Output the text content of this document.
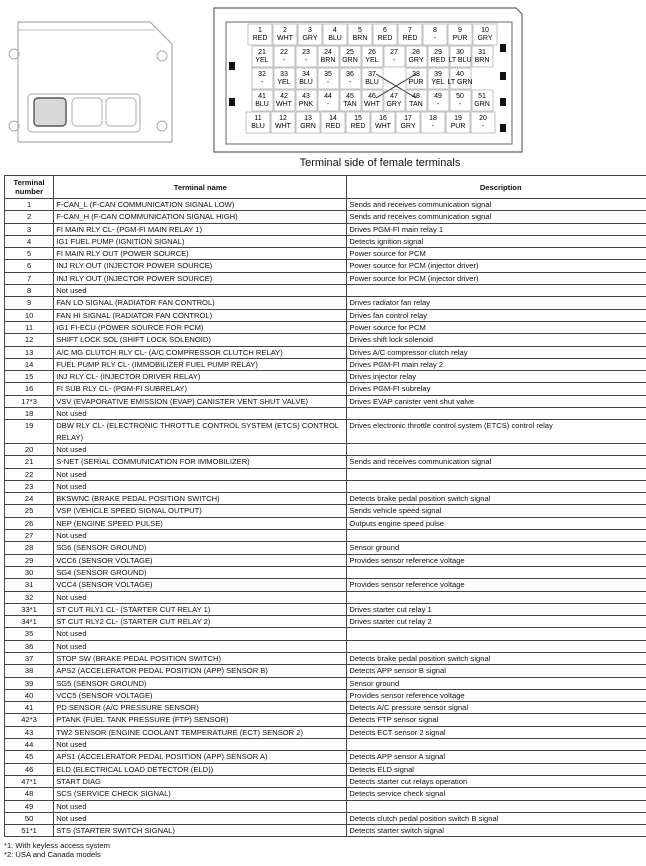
1
RED
2
WHT
3
GRY
4
BLU
5
BRN
6
RED
7
RED
8
-
9
PUR
10
GRY
21
YEL
22
-
23
-
24
BRN
25
GRN
26
YEL
27
-
28
GRY
29
RED
30
LT BLU
31
BRN
32
-
33
YEL
34
BLU
35
-
36
-
37
BLU
38
PUR
39
YEL
40
LT GRN
41
BLU
42
WHT
43
PNK
44
-
45
TAN
46
WHT
47
GRY
48
TAN
49
-
50
-
51
GRN
11
BLU
12
WHT
13
GRN
14
RED
15
RED
16
WHT
17
GRY
18
-
19
PUR
20
-
Terminal side of female terminals
Terminal number	Terminal name	Description
1	F-CAN_L (F-CAN COMMUNICATION SIGNAL LOW)	Sends and receives communication signal
2	F-CAN_H (F-CAN COMMUNICATION SIGNAL HIGH)	Sends and receives communication signal
3	FI MAIN RLY CL- (PGM-FI MAIN RELAY 1)	Drives PGM-FI main relay 1
4	IG1 FUEL PUMP (IGNITION SIGNAL)	Detects ignition signal
5	FI MAIN RLY OUT (POWER SOURCE)	Power source for PCM
6	INJ RLY OUT (INJECTOR POWER SOURCE)	Power source for PCM (injector driver)
7	INJ RLY OUT (INJECTOR POWER SOURCE)	Power source for PCM (injector driver)
8	Not used	
9	FAN LO SIGNAL (RADIATOR FAN CONTROL)	Drives radiator fan relay
10	FAN HI SIGNAL (RADIATOR FAN CONTROL)	Drives fan control relay
11	IG1 FI-ECU (POWER SOURCE FOR PCM)	Power source for PCM
12	SHIFT LOCK SOL (SHIFT LOCK SOLENOID)	Drives shift lock solenoid
13	A/C MG CLUTCH RLY CL- (A/C COMPRESSOR CLUTCH RELAY)	Drives A/C compressor clutch relay
14	FUEL PUMP RLY CL- (IMMOBILIZER FUEL PUMP RELAY)	Drives PGM-FI main relay 2
15	INJ RLY CL- (INJECTOR DRIVER RELAY)	Drives injector relay
16	FI SUB RLY CL- (PGM-FI SUBRELAY)	Drives PGM-FI subrelay
17*3	VSV (EVAPORATIVE EMISSION (EVAP) CANISTER VENT SHUT VALVE)	Drives EVAP canister vent shut valve
18	Not used	
19	DBW RLY CL- (ELECTRONIC THROTTLE CONTROL SYSTEM (ETCS) CONTROL RELAY)	Drives electronic throttle control system (ETCS) control relay
20	Not used	
21	S-NET (SERIAL COMMUNICATION FOR IMMOBILIZER)	Sends and receives communication signal
22	Not used	
23	Not used	
24	BKSWNC (BRAKE PEDAL POSITION SWITCH)	Detects brake pedal position switch signal
25	VSP (VEHICLE SPEED SIGNAL OUTPUT)	Sends vehicle speed signal
26	NEP (ENGINE SPEED PULSE)	Outputs engine speed pulse
27	Not used	
28	SG6 (SENSOR GROUND)	Sensor ground
29	VCC6 (SENSOR VOLTAGE)	Provides sensor reference voltage
30	SG4 (SENSOR GROUND)	
31	VCC4 (SENSOR VOLTAGE)	Provides sensor reference voltage
32	Not used	
33*1	ST CUT RLY1 CL- (STARTER CUT RELAY 1)	Drives starter cut relay 1
34*1	ST CUT RLY2 CL- (STARTER CUT RELAY 2)	Drives starter cut relay 2
35	Not used	
36	Not used	
37	STOP SW (BRAKE PEDAL POSITION SWITCH)	Detects brake pedal position switch signal
38	APS2 (ACCELERATOR PEDAL POSITION (APP) SENSOR B)	Detects APP sensor B signal
39	SG5 (SENSOR GROUND)	Sensor ground
40	VCC5 (SENSOR VOLTAGE)	Provides sensor reference voltage
41	PD SENSOR (A/C PRESSURE SENSOR)	Detects A/C pressure sensor signal
42*3	PTANK (FUEL TANK PRESSURE (FTP) SENSOR)	Detects FTP sensor signal
43	TW2 SENSOR (ENGINE COOLANT TEMPERATURE (ECT) SENSOR 2)	Detects ECT sensor 2 signal
44	Not used	
45	APS1 (ACCELERATOR PEDAL POSITION (APP) SENSOR A)	Detects APP sensor A signal
46	ELD (ELECTRICAL LOAD DETECTOR (ELD))	Detects ELD signal
47*1	START DIAG	Detects starter cut relays operation
48	SCS (SERVICE CHECK SIGNAL)	Detects service check signal
49	Not used	
50	Not used	Detects clutch pedal position switch B signal
51*1	STS (STARTER SWITCH SIGNAL)	Detects starter switch signal
*1: With keyless access system
*2: USA and Canada models
